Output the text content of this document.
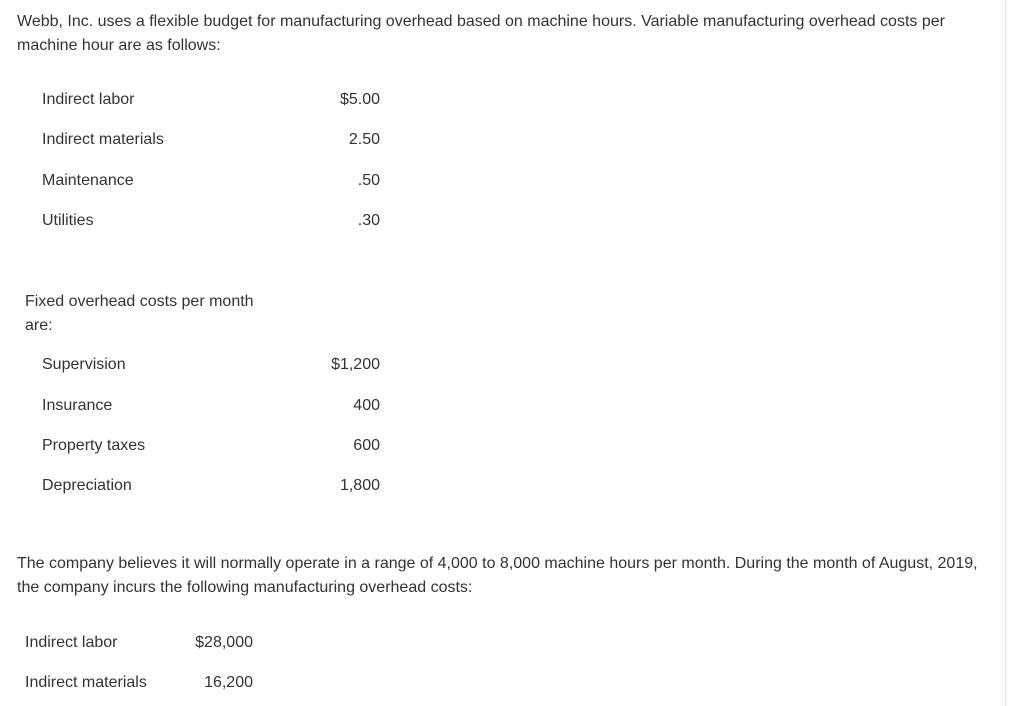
Webb, Inc. uses a flexible budget for manufacturing overhead based on machine hours. Variable manufacturing overhead costs per machine hour are as follows:

Indirect labor	$5.00
Indirect materials	2.50
Maintenance	.50
Utilities	.30

Fixed overhead costs per month are:

Supervision	$1,200
Insurance	400
Property taxes	600
Depreciation	1,800

The company believes it will normally operate in a range of 4,000 to 8,000 machine hours per month. During the month of August, 2019, the company incurs the following manufacturing overhead costs:

Indirect labor	$28,000
Indirect materials	16,200
